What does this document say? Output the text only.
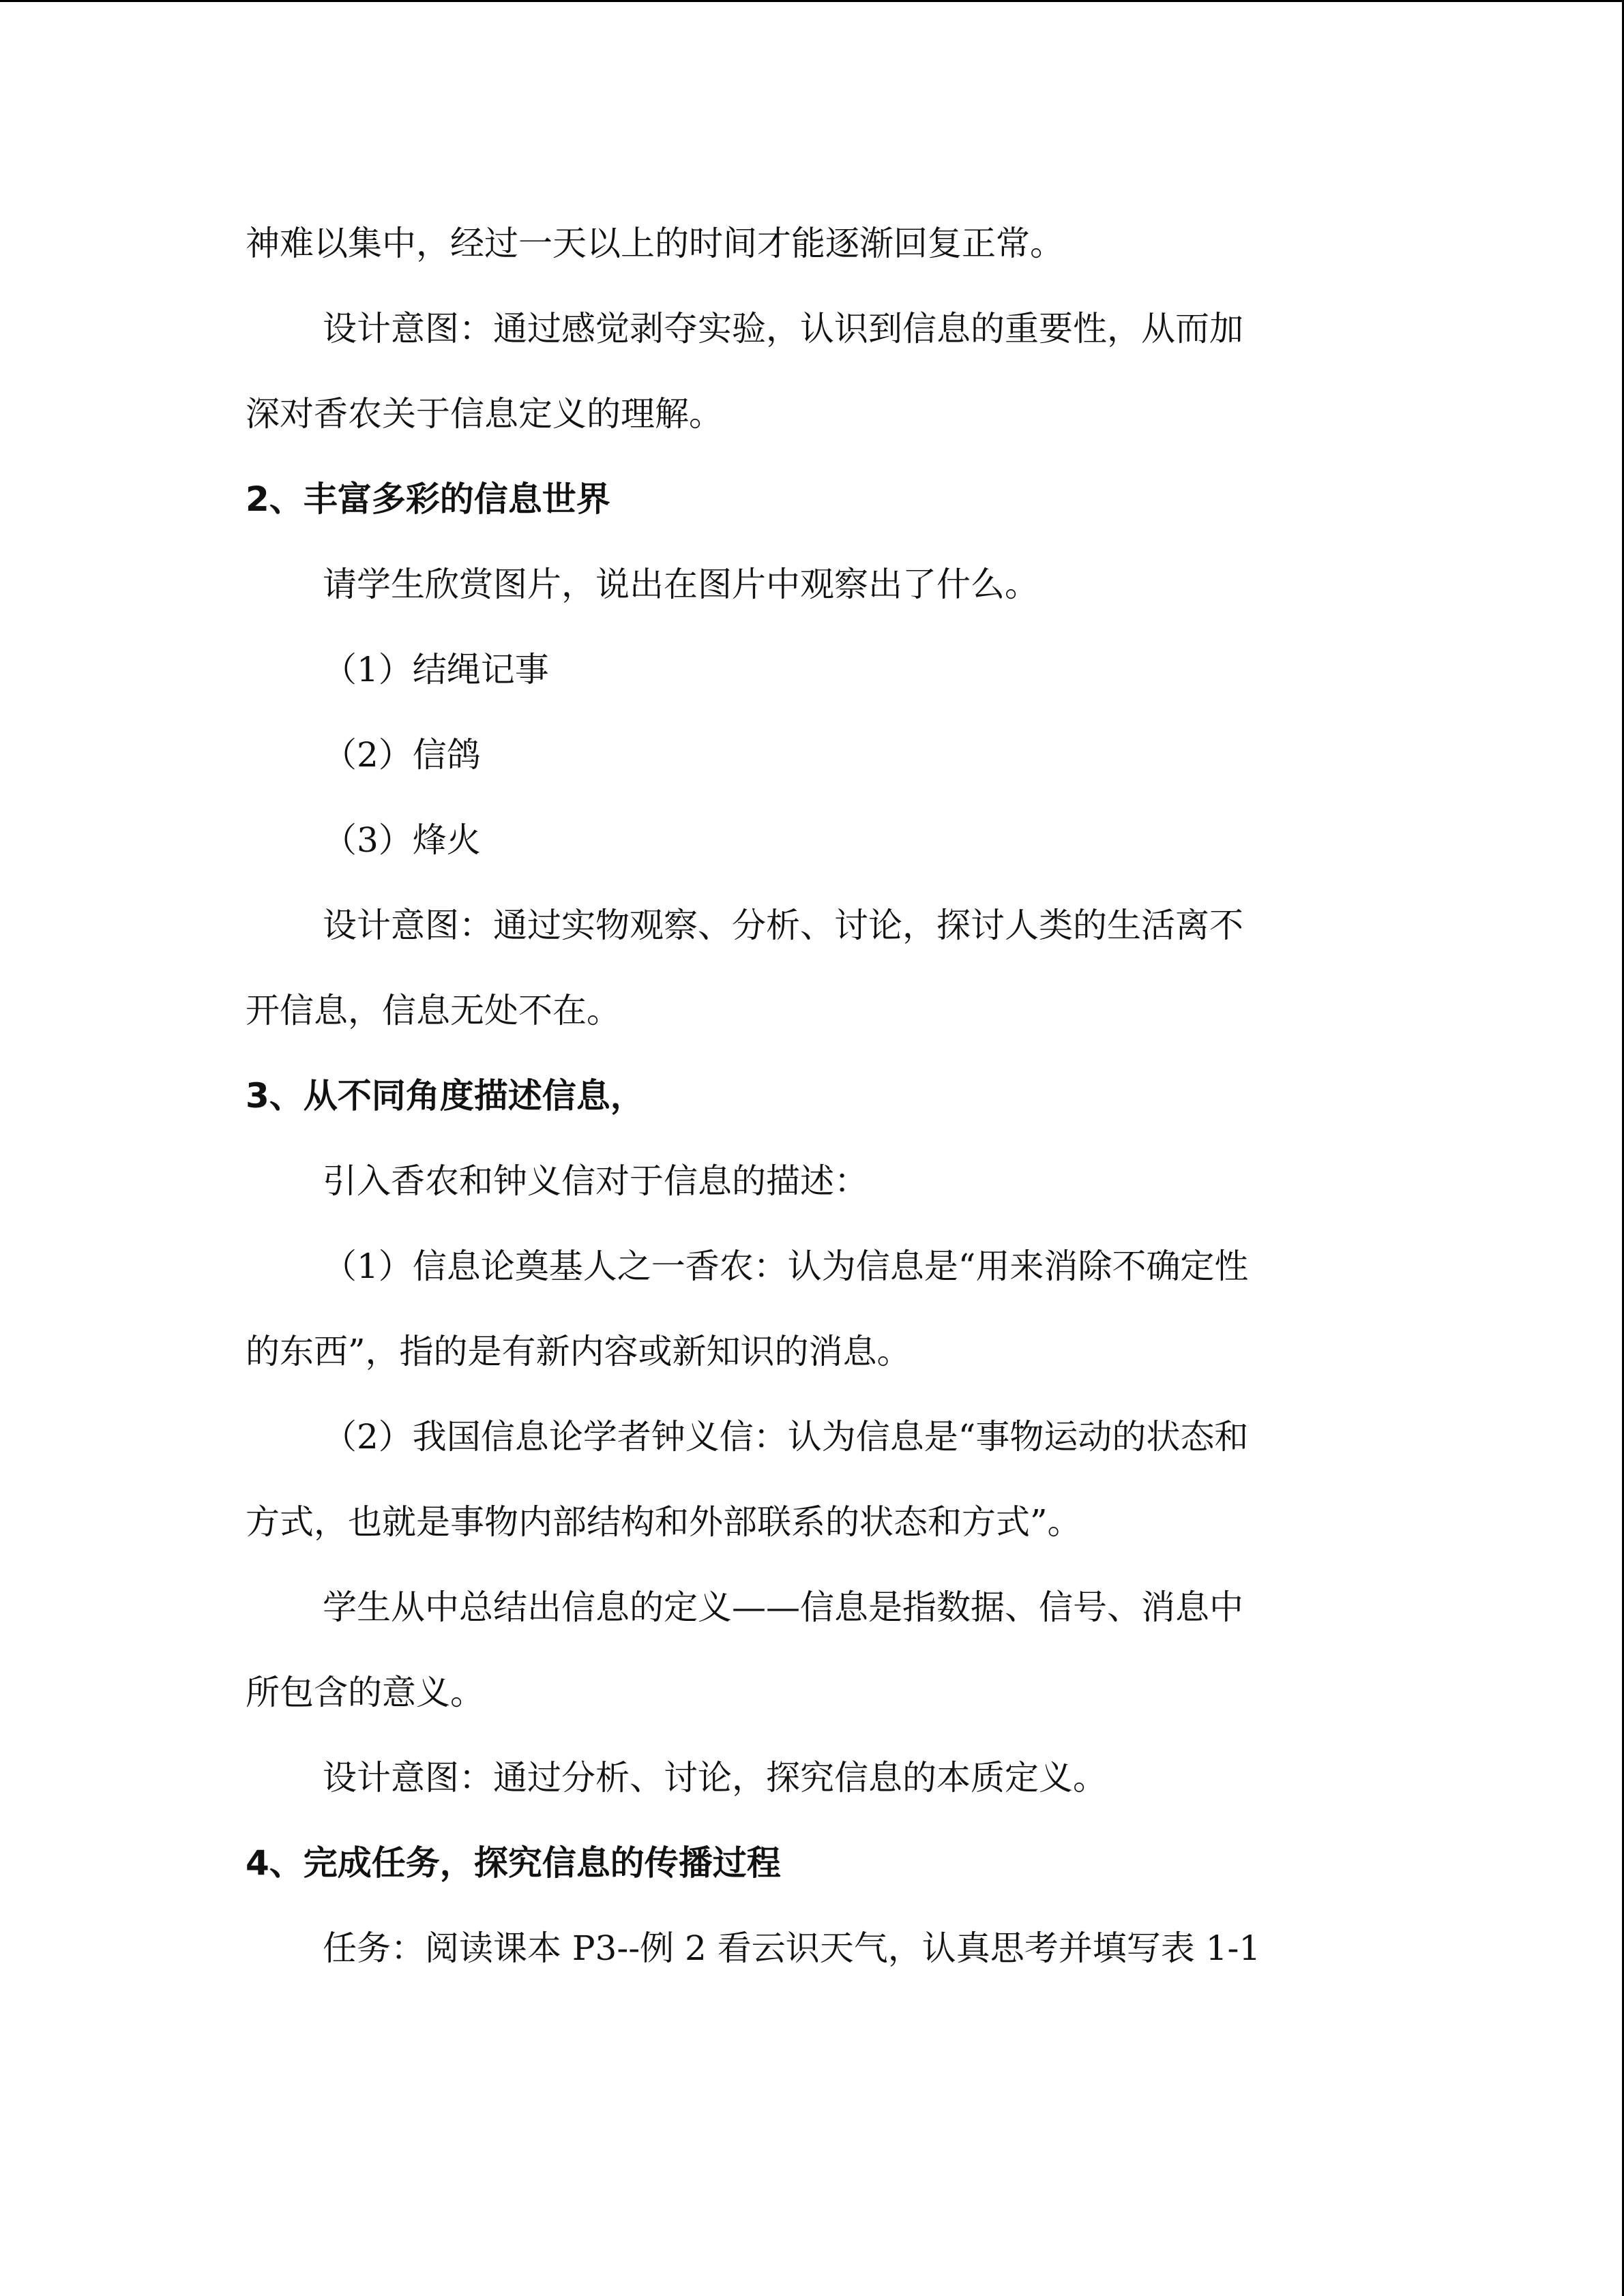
神难以集中，经过一天以上的时间才能逐渐回复正常。
设计意图：通过感觉剥夺实验，认识到信息的重要性，从而加
深对香农关于信息定义的理解。
2、丰富多彩的信息世界
请学生欣赏图片，说出在图片中观察出了什么。
（1）结绳记事
（2）信鸽
（3）烽火
设计意图：通过实物观察、分析、讨论，探讨人类的生活离不
开信息，信息无处不在。
3、从不同角度描述信息，
引入香农和钟义信对于信息的描述：
（1）信息论奠基人之一香农：认为信息是“用来消除不确定性
的东西”，指的是有新内容或新知识的消息。
（2）我国信息论学者钟义信：认为信息是“事物运动的状态和
方式，也就是事物内部结构和外部联系的状态和方式”。
学生从中总结出信息的定义——信息是指数据、信号、消息中
所包含的意义。
设计意图：通过分析、讨论，探究信息的本质定义。
4、完成任务，探究信息的传播过程
任务：阅读课本 P3--例 2 看云识天气，认真思考并填写表 1-1
